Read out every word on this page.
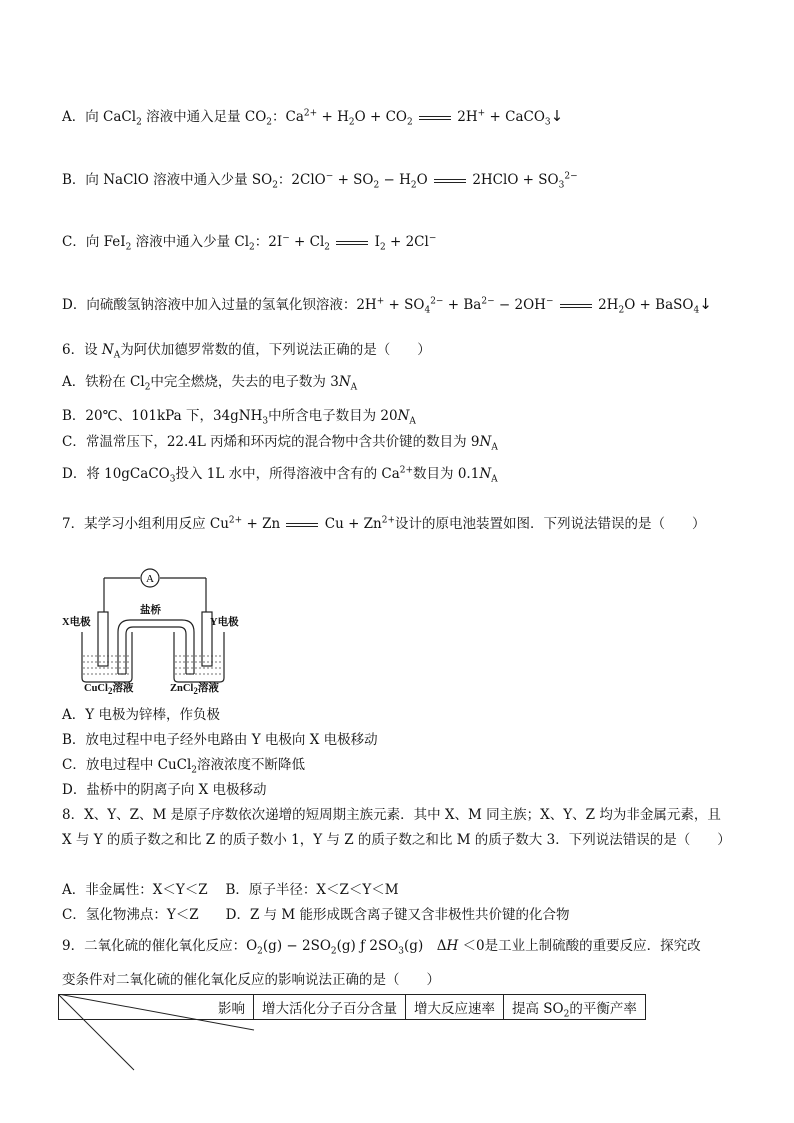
A．向 CaCl$_2$ 溶液中通入足量 $CO_2$：$Ca^{2+} + H_2O + CO_2$	2H+ + CaCO$_3$↓
B．向 NaClO 溶液中通入少量 $SO_2$：$2ClO^- + SO_2 - H_2O$	2HClO + $SO_3^{2-}$
C．向 FeI$_2$ 溶液中通入少量 $Cl_2$：$2I^- + Cl_2$	$I_2 + 2Cl^-$
D．向硫酸氢钠溶液中加入过量的氢氧化钡溶液：$2H^+ + SO_4^{2-} + Ba^{2-} - 2OH^-$	$2H_2O$ + BaSO$_4$↓
6．设 $N_A$为阿伏加德罗常数的值，下列说法正确的是（　　）
A．铁粉在 $Cl_2$中完全燃烧，失去的电子数为 $3N_A$
B．20℃、101kPa 下，34gNH$_3$中所含电子数目为 $20N_A$
C．常温常压下，22.4L 丙烯和环丙烷的混合物中含共价键的数目为 $9N_A$
D．将 10gCaCO$_3$投入 1L 水中，所得溶液中含有的 $Ca^{2+}$数目为 $0.1N_A$
7．某学习小组利用反应 $Cu^{2+} + Zn$	$Cu + Zn^{2+}$设计的原电池装置如图．下列说法错误的是（　　）
A
盐桥
X电极	Y电极
CuCl$_2$溶液	ZnCl$_2$溶液
A．Y 电极为锌棒，作负极
B．放电过程中电子经外电路由 Y 电极向 X 电极移动
C．放电过程中 CuCl$_2$溶液浓度不断降低
D．盐桥中的阴离子向 X 电极移动
8．X、Y、Z、M 是原子序数依次递增的短周期主族元素．其中 X、M 同主族；X、Y、Z 均为非金属元素，且 X 与 Y 的质子数之和比 Z 的质子数小 1，Y 与 Z 的质子数之和比 M 的质子数大 3．下列说法错误的是（　　）
A．非金属性：X＜Y＜Z　 B．原子半径：X＜Z＜Y＜M
C．氢化物沸点：Y＜Z　　D．Z 与 M 能形成既含离子键又含非极性共价键的化合物
9．二氧化硫的催化氧化反应：$O_2(g) - 2SO_2(g)$ ƒ $2SO_3(g)$　ΔH ＜0是工业上制硫酸的重要反应．探究改
变条件对二氧化硫的催化氧化反应的影响说法正确的是（　　）
影响	增大活化分子百分含量	增大反应速率	提高 $SO_2$的平衡产率
